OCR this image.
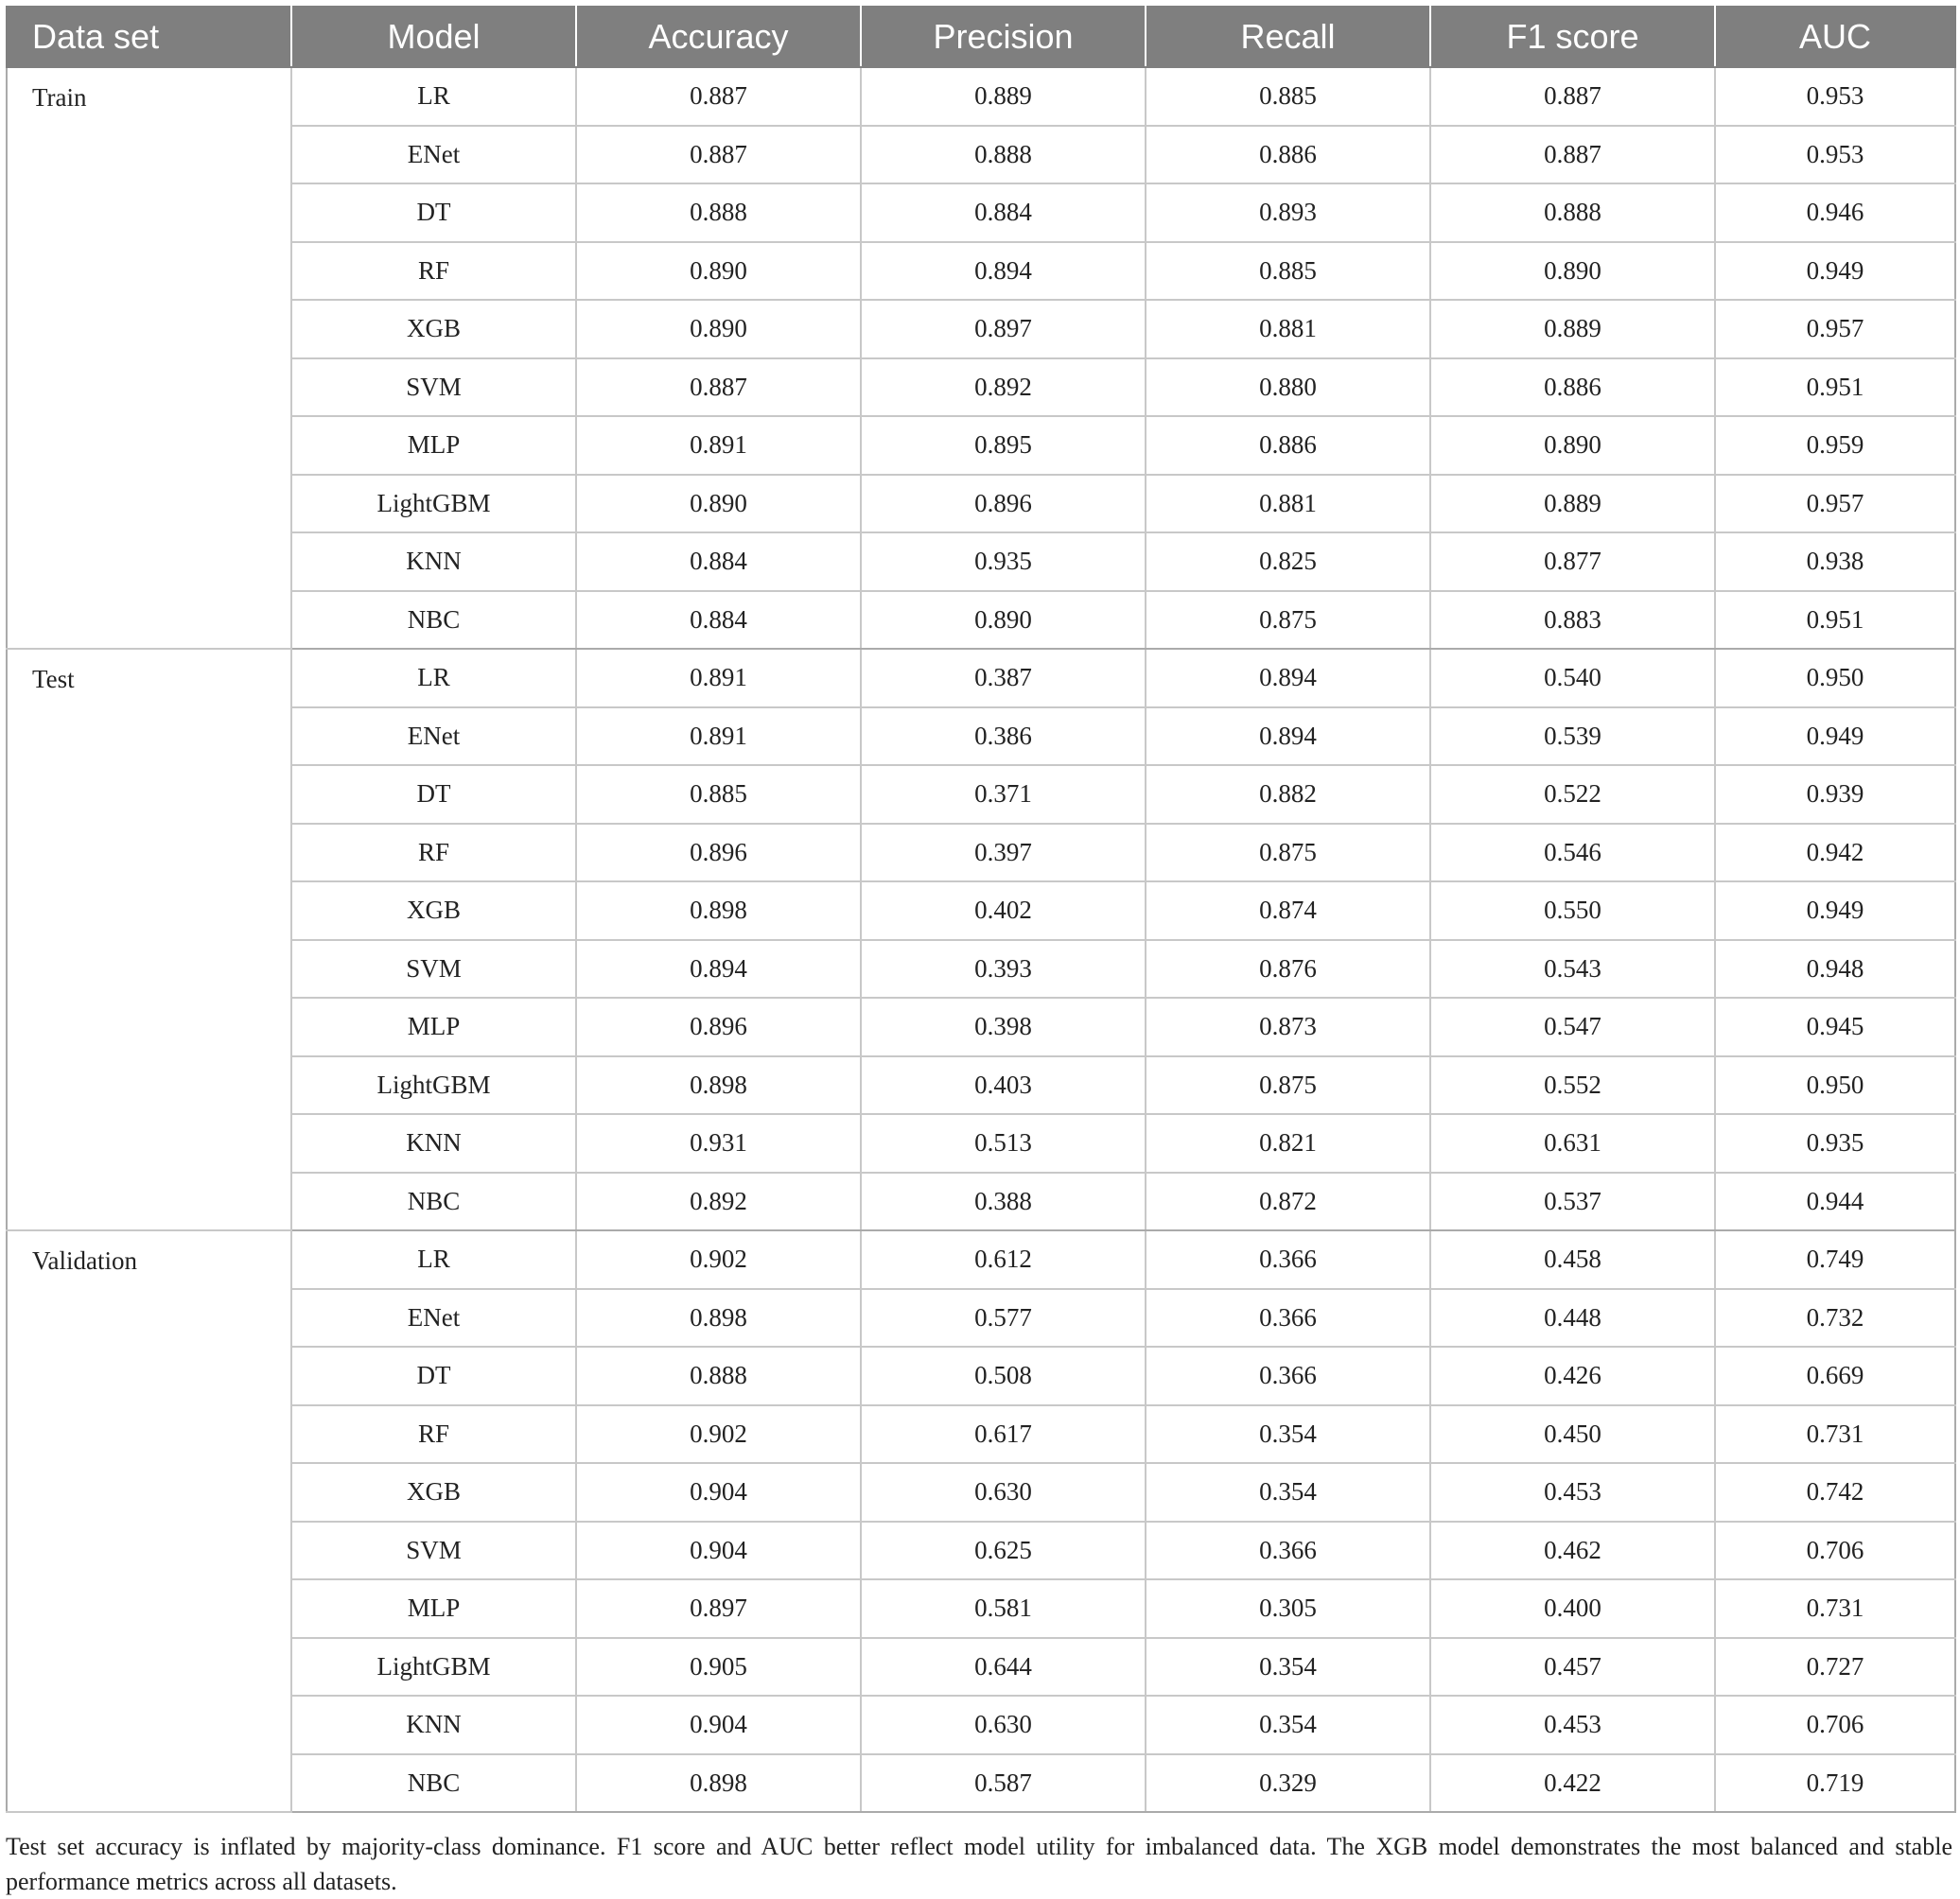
Data set	Model	Accuracy	Precision	Recall	F1 score	AUC
Train	LR	0.887	0.889	0.885	0.887	0.953
	ENet	0.887	0.888	0.886	0.887	0.953
	DT	0.888	0.884	0.893	0.888	0.946
	RF	0.890	0.894	0.885	0.890	0.949
	XGB	0.890	0.897	0.881	0.889	0.957
	SVM	0.887	0.892	0.880	0.886	0.951
	MLP	0.891	0.895	0.886	0.890	0.959
	LightGBM	0.890	0.896	0.881	0.889	0.957
	KNN	0.884	0.935	0.825	0.877	0.938
	NBC	0.884	0.890	0.875	0.883	0.951
Test	LR	0.891	0.387	0.894	0.540	0.950
	ENet	0.891	0.386	0.894	0.539	0.949
	DT	0.885	0.371	0.882	0.522	0.939
	RF	0.896	0.397	0.875	0.546	0.942
	XGB	0.898	0.402	0.874	0.550	0.949
	SVM	0.894	0.393	0.876	0.543	0.948
	MLP	0.896	0.398	0.873	0.547	0.945
	LightGBM	0.898	0.403	0.875	0.552	0.950
	KNN	0.931	0.513	0.821	0.631	0.935
	NBC	0.892	0.388	0.872	0.537	0.944
Validation	LR	0.902	0.612	0.366	0.458	0.749
	ENet	0.898	0.577	0.366	0.448	0.732
	DT	0.888	0.508	0.366	0.426	0.669
	RF	0.902	0.617	0.354	0.450	0.731
	XGB	0.904	0.630	0.354	0.453	0.742
	SVM	0.904	0.625	0.366	0.462	0.706
	MLP	0.897	0.581	0.305	0.400	0.731
	LightGBM	0.905	0.644	0.354	0.457	0.727
	KNN	0.904	0.630	0.354	0.453	0.706
	NBC	0.898	0.587	0.329	0.422	0.719

Test set accuracy is inflated by majority-class dominance. F1 score and AUC better reflect model utility for imbalanced data. The XGB model demonstrates the most balanced and stable performance metrics across all datasets.
